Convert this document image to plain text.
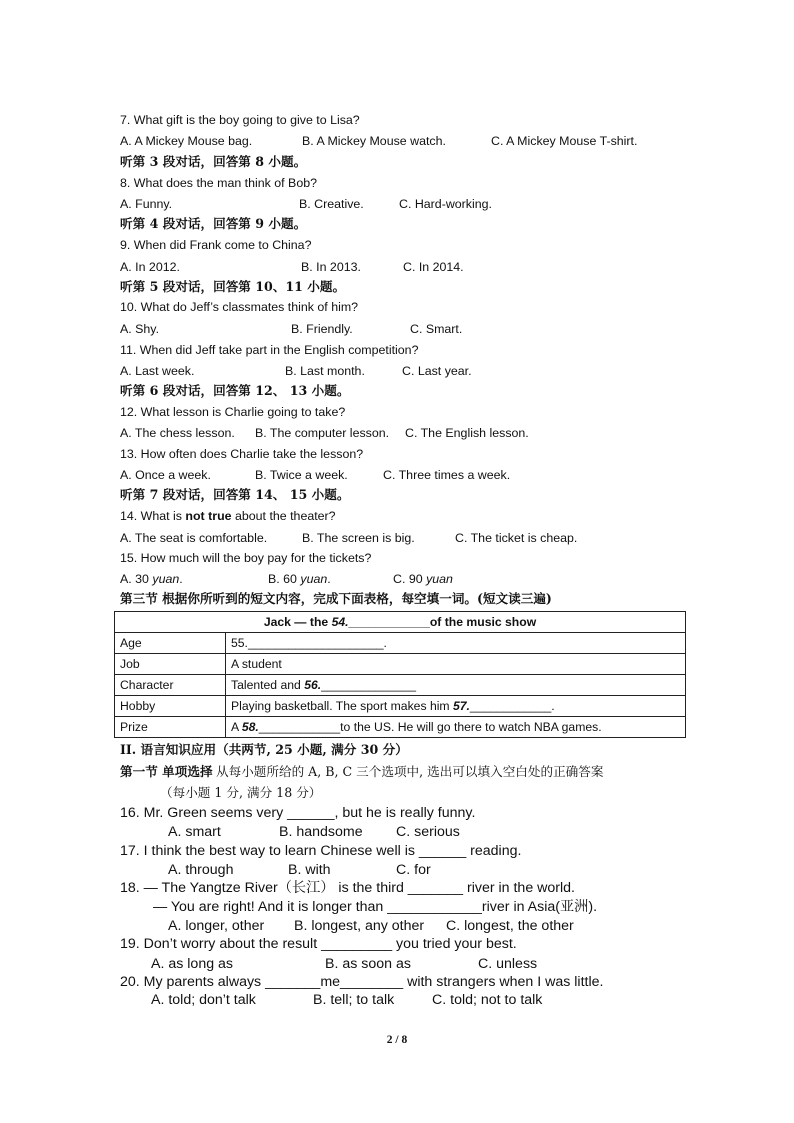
7. What gift is the boy going to give to Lisa?
A. A Mickey Mouse bag.	B. A Mickey Mouse watch.	C. A Mickey Mouse T-shirt.
听第 3 段对话，回答第 8 小题。
8. What does the man think of Bob?
A. Funny.	B. Creative.	C. Hard-working.
听第 4 段对话，回答第 9 小题。
9. When did Frank come to China?
A. In 2012.	B. In 2013.	C. In 2014.
听第 5 段对话，回答第 10、11 小题。
10. What do Jeff’s classmates think of him?
A. Shy.	B. Friendly.	C. Smart.
11. When did Jeff take part in the English competition?
A. Last week.	B. Last month.	C. Last year.
听第 6 段对话，回答第 12、 13 小题。
12. What lesson is Charlie going to take?
A. The chess lesson. B. The computer lesson. C. The English lesson.
13. How often does Charlie take the lesson?
A. Once a week.	B. Twice a week.	C. Three times a week.
听第 7 段对话，回答第 14、 15 小题。
14. What is not true about the theater?
A. The seat is comfortable.	B. The screen is big.	C. The ticket is cheap.
15. How much will the boy pay for the tickets?
A. 30 yuan.	B. 60 yuan.	C. 90 yuan
第三节 根据你所听到的短文内容，完成下面表格，每空填一词。(短文读三遍)
Jack — the 54.____________of the music show	
Age	55.____________________.
Job	A student
Character	Talented and 56.______________
Hobby	Playing basketball. The sport makes him 57.____________.
Prize	A 58.____________to the US. He will go there to watch NBA games.
II. 语言知识应用（共两节, 25 小题, 满分 30 分）
第一节 单项选择 从每小题所给的 A, B, C 三个选项中, 选出可以填入空白处的正确答案
（每小题 1 分, 满分 18 分）
16. Mr. Green seems very ______, but he is really funny.
A. smart	B. handsome C. serious
17. I think the best way to learn Chinese well is ______ reading.
A. through	B. with	C. for
18. — The Yangtze River（长江） is the third _______ river in the world.
— You are right! And it is longer than ____________river in Asia(亚洲).
A. longer, other B. longest, any other C. longest, the other
19. Don’t worry about the result _________ you tried your best.
A. as long as	B. as soon as	C. unless
20. My parents always _______me________ with strangers when I was little.
A. told; don’t talk	B. tell; to talk	C. told; not to talk
2 / 8
